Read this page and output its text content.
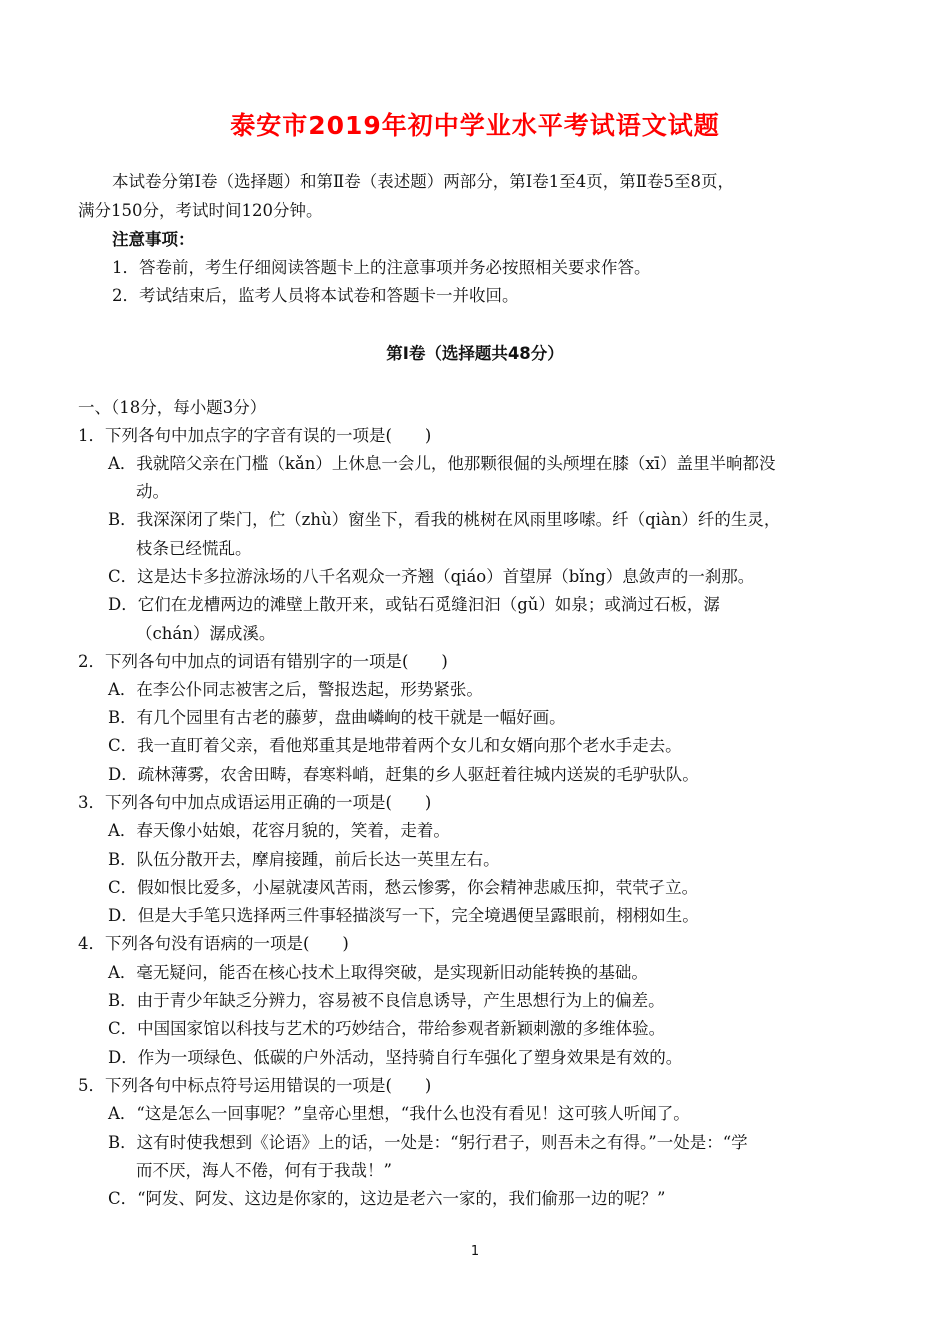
泰安市2019年初中学业水平考试语文试题
本试卷分第Ⅰ卷（选择题）和第Ⅱ卷（表述题）两部分，第Ⅰ卷1至4页，第Ⅱ卷5至8页，
满分150分，考试时间120分钟。
注意事项：
1．答卷前，考生仔细阅读答题卡上的注意事项并务必按照相关要求作答。
2．考试结束后，监考人员将本试卷和答题卡一并收回。
第Ⅰ卷（选择题共48分）
一、（18分，每小题3分）
1．下列各句中加点字的字音有误的一项是(　　)
A．我就陪父亲在门槛（kǎn）上休息一会儿，他那颗很倔的头颅埋在膝（xī）盖里半晌都没
动。
B．我深深闭了柴门，伫（zhù）窗坐下，看我的桃树在风雨里哆嗦。纤（qiàn）纤的生灵，
枝条已经慌乱。
C．这是达卡多拉游泳场的八千名观众一齐翘（qiáo）首望屏（bǐng）息敛声的一刹那。
D．它们在龙槽两边的滩壁上散开来，或钻石觅缝汩汩（gǔ）如泉；或淌过石板，潺
（chán）潺成溪。
2．下列各句中加点的词语有错别字的一项是(　　)
A．在李公仆同志被害之后，警报迭起，形势紧张。
B．有几个园里有古老的藤萝，盘曲嶙峋的枝干就是一幅好画。
C．我一直盯着父亲，看他郑重其是地带着两个女儿和女婿向那个老水手走去。
D．疏林薄雾，农舍田畴，春寒料峭，赶集的乡人驱赶着往城内送炭的毛驴驮队。
3．下列各句中加点成语运用正确的一项是(　　)
A．春天像小姑娘，花容月貌的，笑着，走着。
B．队伍分散开去，摩肩接踵，前后长达一英里左右。
C．假如恨比爱多，小屋就凄风苦雨，愁云惨雾，你会精神悲戚压抑，茕茕孑立。
D．但是大手笔只选择两三件事轻描淡写一下，完全境遇便呈露眼前，栩栩如生。
4．下列各句没有语病的一项是(　　)
A．毫无疑问，能否在核心技术上取得突破，是实现新旧动能转换的基础。
B．由于青少年缺乏分辨力，容易被不良信息诱导，产生思想行为上的偏差。
C．中国国家馆以科技与艺术的巧妙结合，带给参观者新颖刺激的多维体验。
D．作为一项绿色、低碳的户外活动，坚持骑自行车强化了塑身效果是有效的。
5．下列各句中标点符号运用错误的一项是(　　)
A．“这是怎么一回事呢？”皇帝心里想，“我什么也没有看见！这可骇人听闻了。
B．这有时使我想到《论语》上的话，一处是：“躬行君子，则吾未之有得。”一处是：“学
而不厌，海人不倦，何有于我哉！”
C．“阿发、阿发、这边是你家的，这边是老六一家的，我们偷那一边的呢？”
1
